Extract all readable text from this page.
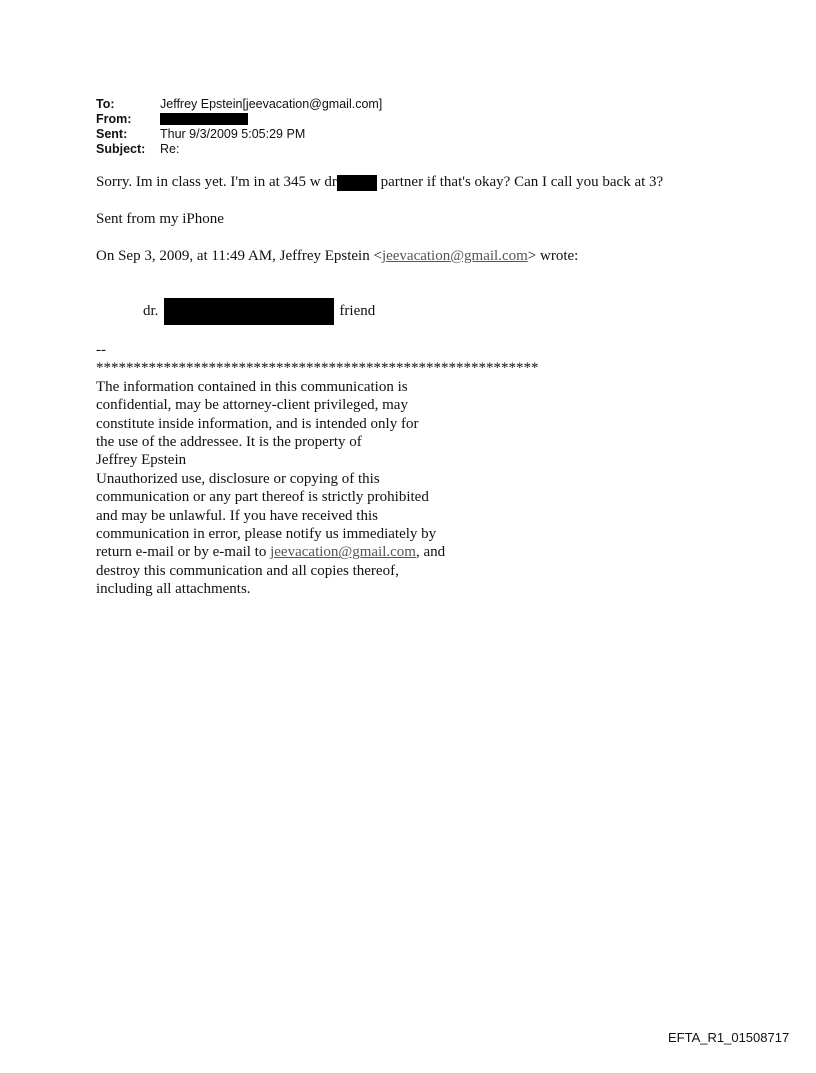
To:	Jeffrey Epstein[jeevacation@gmail.com]
From:
Sent:	Thur 9/3/2009 5:05:29 PM
Subject:	Re:
Sorry. Im in class yet. I'm in at 345 w dr	partner if that's okay? Can I call you back at 3?
Sent from my iPhone
On Sep 3, 2009, at 11:49 AM, Jeffrey Epstein <jeevacation@gmail.com> wrote:
dr.	friend
--
***********************************************************
The information contained in this communication is
confidential, may be attorney-client privileged, may
constitute inside information, and is intended only for
the use of the addressee. It is the property of
Jeffrey Epstein
Unauthorized use, disclosure or copying of this
communication or any part thereof is strictly prohibited
and may be unlawful. If you have received this
communication in error, please notify us immediately by
return e-mail or by e-mail to jeevacation@gmail.com, and
destroy this communication and all copies thereof,
including all attachments.
EFTA_R1_01508717
